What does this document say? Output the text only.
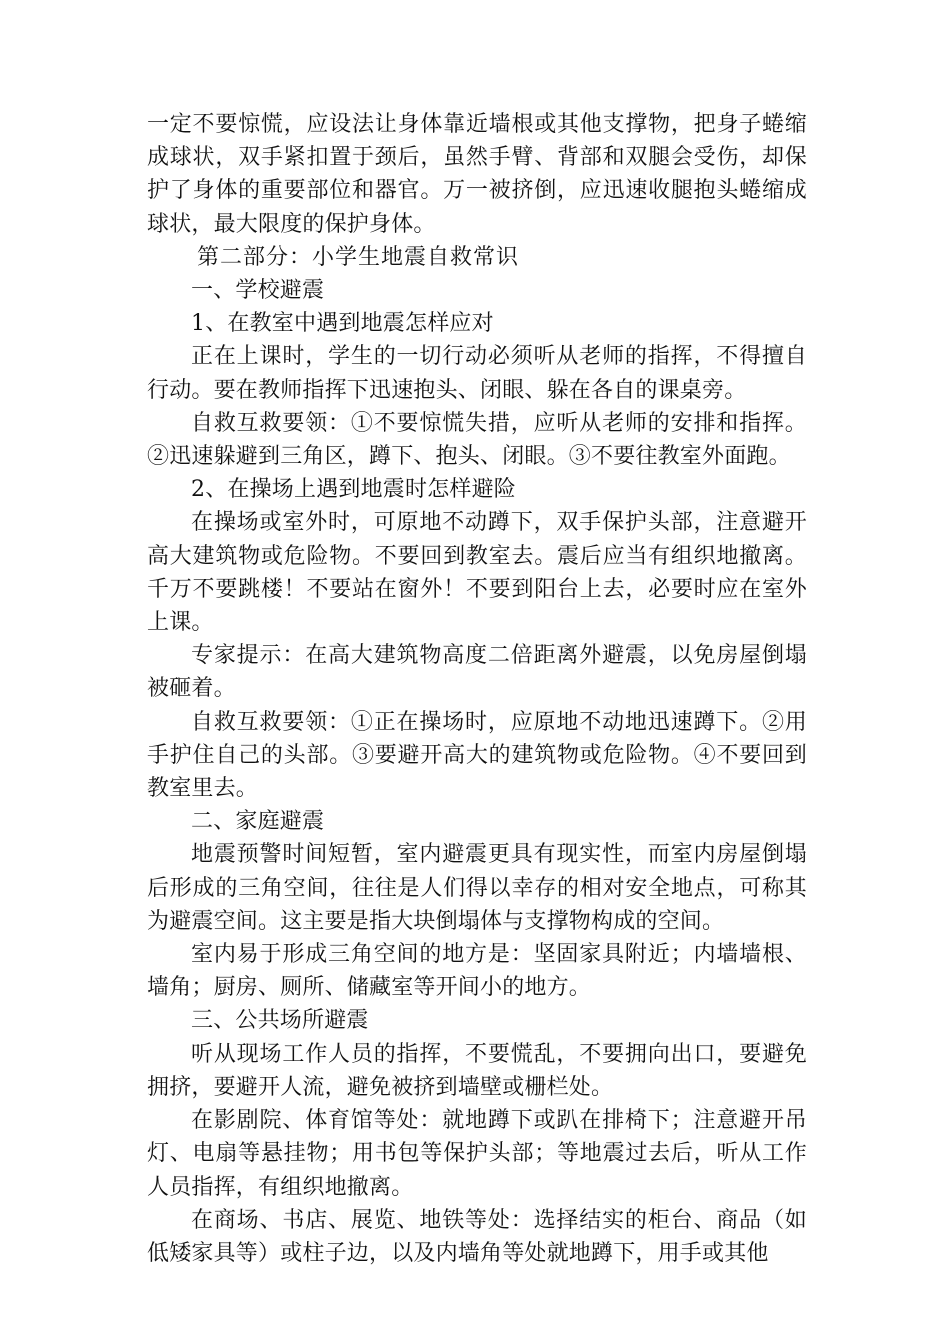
一定不要惊慌，应设法让身体靠近墙根或其他支撑物，把身子蜷缩成球状，双手紧扣置于颈后，虽然手臂、背部和双腿会受伤，却保护了身体的重要部位和器官。万一被挤倒，应迅速收腿抱头蜷缩成球状，最大限度的保护身体。

第二部分：小学生地震自救常识

一、学校避震

1、在教室中遇到地震怎样应对

正在上课时，学生的一切行动必须听从老师的指挥，不得擅自行动。要在教师指挥下迅速抱头、闭眼、躲在各自的课桌旁。

自救互救要领：①不要惊慌失措，应听从老师的安排和指挥。②迅速躲避到三角区，蹲下、抱头、闭眼。③不要往教室外面跑。

2、在操场上遇到地震时怎样避险

在操场或室外时，可原地不动蹲下，双手保护头部，注意避开高大建筑物或危险物。不要回到教室去。震后应当有组织地撤离。千万不要跳楼！不要站在窗外！不要到阳台上去，必要时应在室外上课。

专家提示：在高大建筑物高度二倍距离外避震，以免房屋倒塌被砸着。

自救互救要领：①正在操场时，应原地不动地迅速蹲下。②用手护住自己的头部。③要避开高大的建筑物或危险物。④不要回到教室里去。

二、家庭避震

地震预警时间短暂，室内避震更具有现实性，而室内房屋倒塌后形成的三角空间，往往是人们得以幸存的相对安全地点，可称其为避震空间。这主要是指大块倒塌体与支撑物构成的空间。

室内易于形成三角空间的地方是：坚固家具附近；内墙墙根、墙角；厨房、厕所、储藏室等开间小的地方。

三、公共场所避震

听从现场工作人员的指挥，不要慌乱，不要拥向出口，要避免拥挤，要避开人流，避免被挤到墙壁或栅栏处。

在影剧院、体育馆等处：就地蹲下或趴在排椅下；注意避开吊灯、电扇等悬挂物；用书包等保护头部；等地震过去后，听从工作人员指挥，有组织地撤离。

在商场、书店、展览、地铁等处：选择结实的柜台、商品（如低矮家具等）或柱子边，以及内墙角等处就地蹲下，用手或其他
